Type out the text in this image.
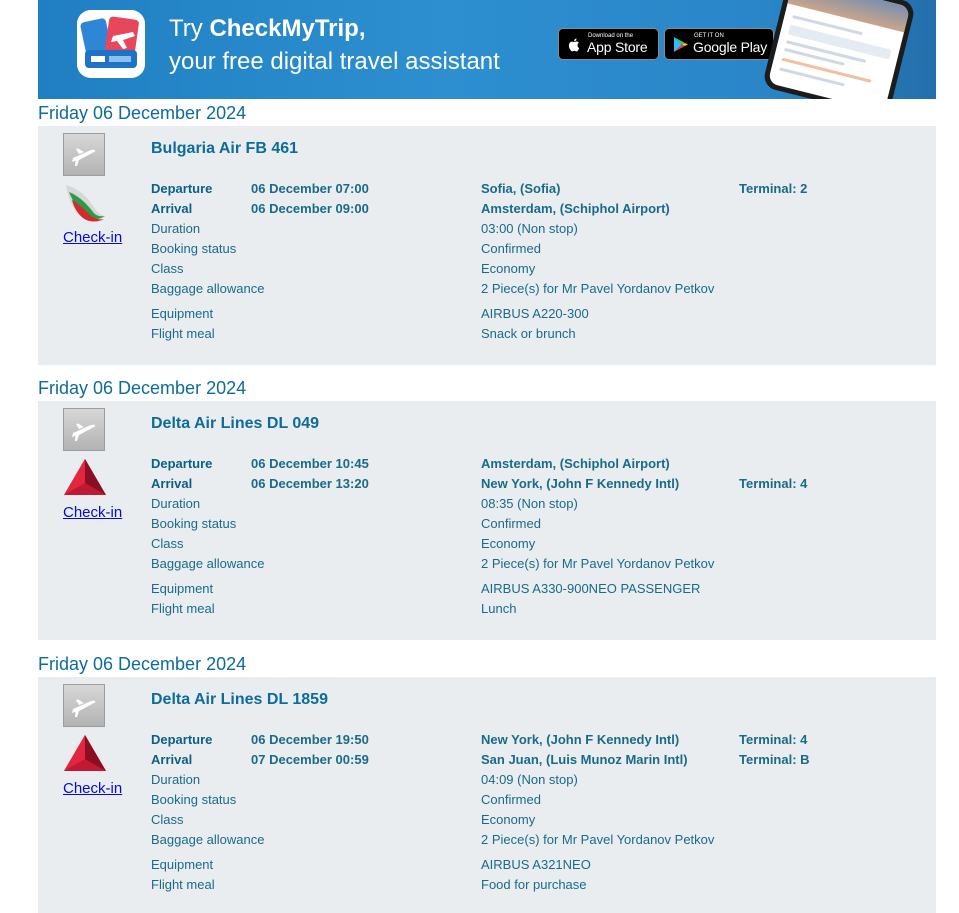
Try CheckMyTrip,
your free digital travel assistant
Download on the
App Store
GET IT ON
Google Play
Friday 06 December 2024
Check-in
Bulgaria Air FB 461
Departure	06 December 07:00	Sofia, (Sofia)	Terminal: 2
Arrival	06 December 09:00	Amsterdam, (Schiphol Airport)
Duration	03:00 (Non stop)
Booking status	Confirmed
Class	Economy
Baggage allowance	2 Piece(s) for Mr Pavel Yordanov Petkov
Equipment	AIRBUS A220-300
Flight meal	Snack or brunch
Friday 06 December 2024
Check-in
Delta Air Lines DL 049
Departure	06 December 10:45	Amsterdam, (Schiphol Airport)
Arrival	06 December 13:20	New York, (John F Kennedy Intl)	Terminal: 4
Duration	08:35 (Non stop)
Booking status	Confirmed
Class	Economy
Baggage allowance	2 Piece(s) for Mr Pavel Yordanov Petkov
Equipment	AIRBUS A330-900NEO PASSENGER
Flight meal	Lunch
Friday 06 December 2024
Check-in
Delta Air Lines DL 1859
Departure	06 December 19:50	New York, (John F Kennedy Intl)	Terminal: 4
Arrival	07 December 00:59	San Juan, (Luis Munoz Marin Intl)	Terminal: B
Duration	04:09 (Non stop)
Booking status	Confirmed
Class	Economy
Baggage allowance	2 Piece(s) for Mr Pavel Yordanov Petkov
Equipment	AIRBUS A321NEO
Flight meal	Food for purchase
